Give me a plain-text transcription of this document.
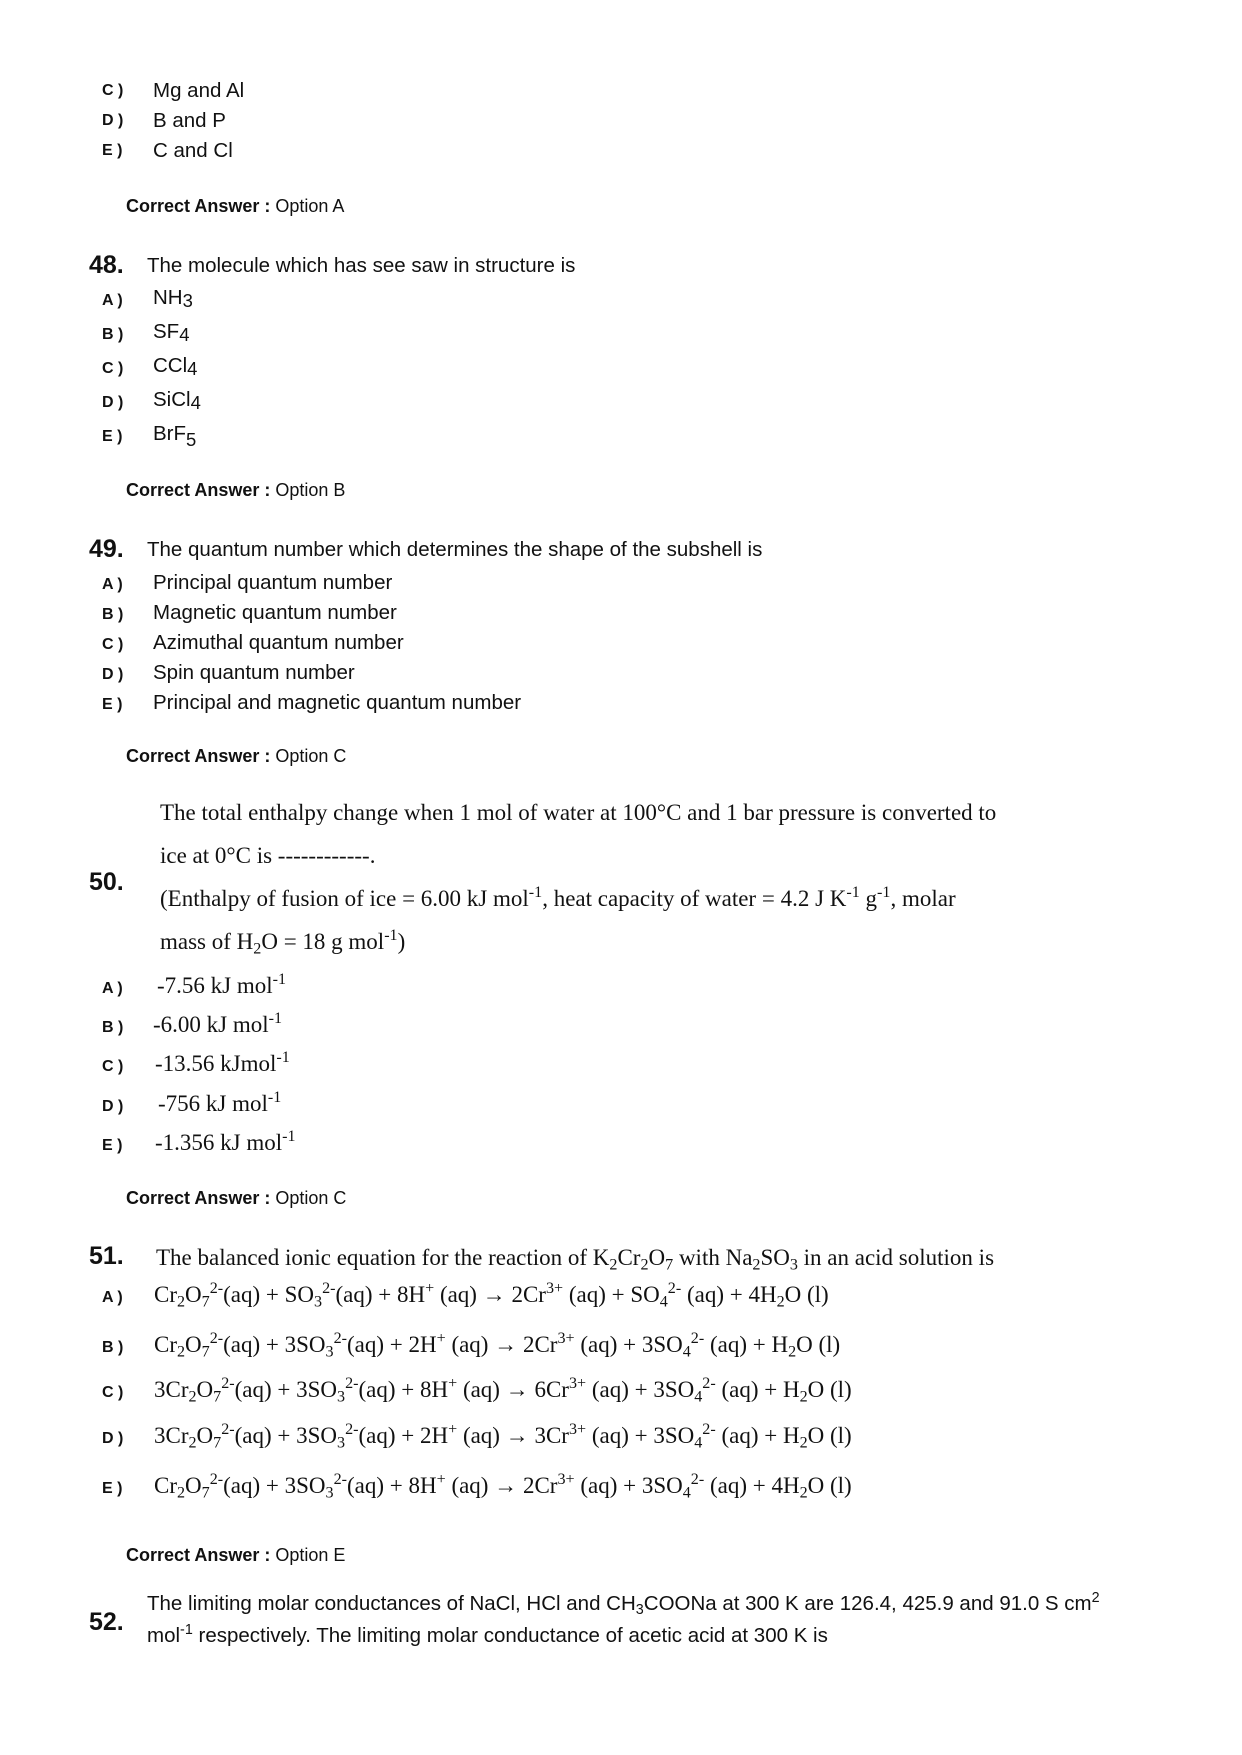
C ) Mg and Al
D ) B and P
E ) C and Cl
Correct Answer : Option A
48. The molecule which has see saw in structure is
A ) NH3
B ) SF4
C ) CCl4
D ) SiCl4
E ) BrF5
Correct Answer : Option B
49. The quantum number which determines the shape of the subshell is
A ) Principal quantum number
B ) Magnetic quantum number
C ) Azimuthal quantum number
D ) Spin quantum number
E ) Principal and magnetic quantum number
Correct Answer : Option C
50.
The total enthalpy change when 1 mol of water at 100°C and 1 bar pressure is converted to
ice at 0°C is ------------.
(Enthalpy of fusion of ice = 6.00 kJ mol$^{-1}$, heat capacity of water = 4.2 J $K^{-1}$ $g^{-1}$, molar
mass of $H_2O = 18$ g mol$^{-1}$)
A ) -7.56 kJ mol$^{-1}$
B ) -6.00 kJ mol$^{-1}$
C ) -13.56 kJmol$^{-1}$
D ) -756 kJ mol$^{-1}$
E ) -1.356 kJ mol$^{-1}$
Correct Answer : Option C
51. The balanced ionic equation for the reaction of $K_2Cr_2O_7$ with $Na_2SO_3$ in an acid solution is
A ) $Cr_2O_7^{2-}(aq) + SO_3^{2-}(aq) + 8H^+$ $(aq) \to 2Cr^{3+}$ $(aq) + SO_4^{2-}$ $(aq) + 4H_2O$ (l)
B ) $Cr_2O_7^{2-}(aq) + 3SO_3^{2-}(aq) + 2H^+$ $(aq) \to 2Cr^{3+}$ $(aq) + 3SO_4^{2-}$ $(aq) + H_2O$ (l)
C ) $3Cr_2O_7^{2-}(aq) + 3SO_3^{2-}(aq) + 8H^+$ $(aq) \to 6Cr^{3+}$ $(aq) + 3SO_4^{2-}$ $(aq) + H_2O$ (l)
D ) $3Cr_2O_7^{2-}(aq) + 3SO_3^{2-}(aq) + 2H^+$ $(aq) \to 3Cr^{3+}$ $(aq) + 3SO_4^{2-}$ $(aq) + H_2O$ (l)
E ) $Cr_2O_7^{2-}(aq) + 3SO_3^{2-}(aq) + 8H^+$ $(aq) \to 2Cr^{3+}$ $(aq) + 3SO_4^{2-}$ $(aq) + 4H_2O$ (l)
Correct Answer : Option E
52.
The limiting molar conductances of NaCl, HCl and $CH_3COONa$ at 300 K are 126.4, 425.9 and 91.0 S $cm^2$
mol$^{-1}$ respectively. The limiting molar conductance of acetic acid at 300 K is
